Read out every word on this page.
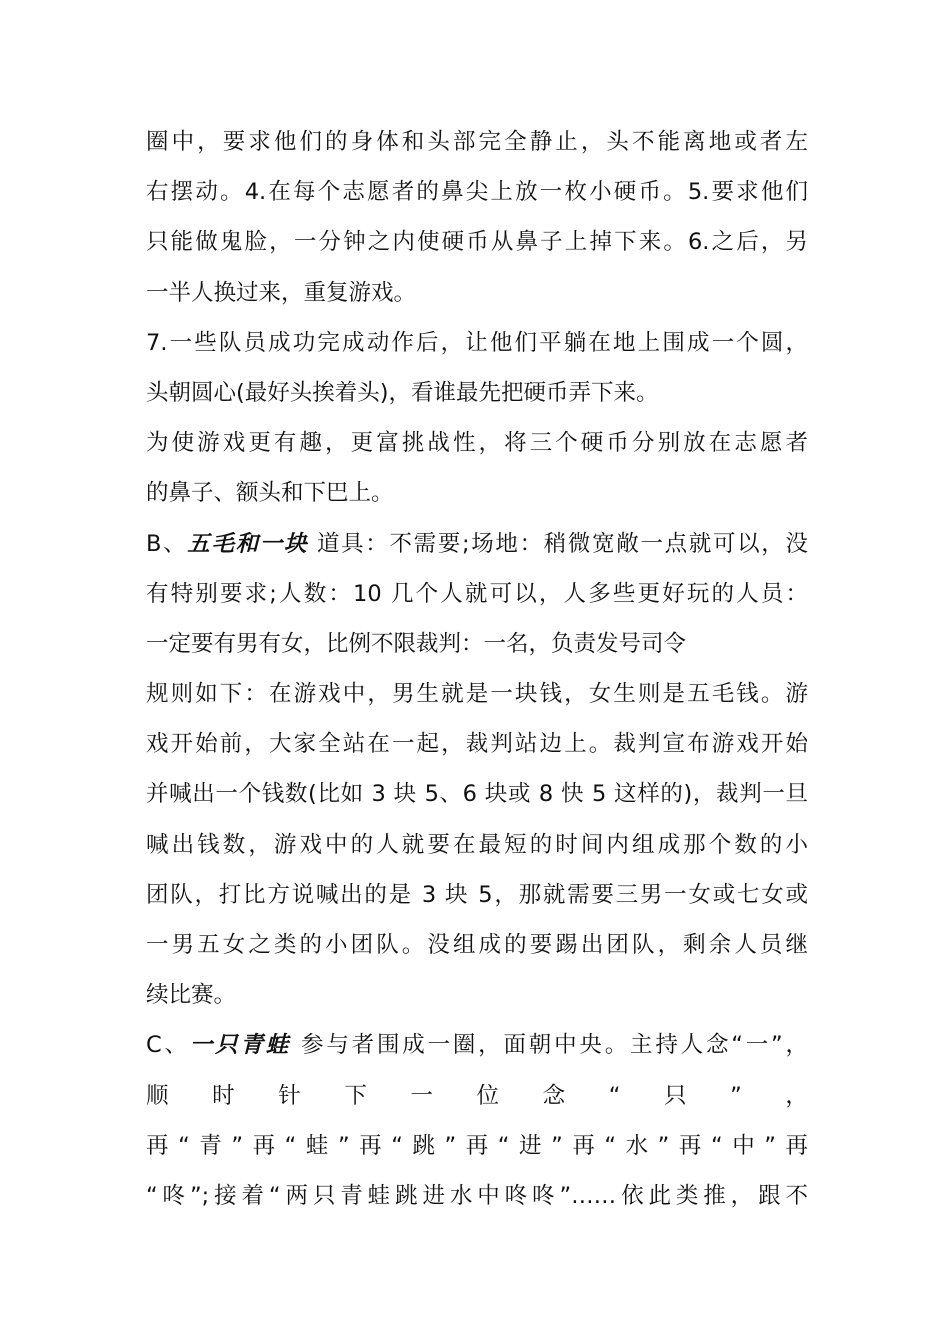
圈中，要求他们的身体和头部完全静止，头不能离地或者左
右摆动。4.在每个志愿者的鼻尖上放一枚小硬币。5.要求他们
只能做鬼脸，一分钟之内使硬币从鼻子上掉下来。6.之后，另
一半人换过来，重复游戏。
7.一些队员成功完成动作后，让他们平躺在地上围成一个圆，
头朝圆心(最好头挨着头)，看谁最先把硬币弄下来。
为使游戏更有趣，更富挑战性，将三个硬币分别放在志愿者
的鼻子、额头和下巴上。
B、五毛和一块 道具：不需要;场地：稍微宽敞一点就可以，没
有特别要求;人数：10 几个人就可以，人多些更好玩的人员：
一定要有男有女，比例不限裁判：一名，负责发号司令
规则如下：在游戏中，男生就是一块钱，女生则是五毛钱。游
戏开始前，大家全站在一起，裁判站边上。裁判宣布游戏开始
并喊出一个钱数(比如 3 块 5、6 块或 8 快 5 这样的)，裁判一旦
喊出钱数，游戏中的人就要在最短的时间内组成那个数的小
团队，打比方说喊出的是 3 块 5，那就需要三男一女或七女或
一男五女之类的小团队。没组成的要踢出团队，剩余人员继
续比赛。
C、一只青蛙 参与者围成一圈，面朝中央。主持人念“一”，
顺 时 针 下 一 位 念 “ 只 ” ，
再“青”再“蛙”再“跳”再“进”再“水”再“中”再
“咚”;接着“两只青蛙跳进水中咚咚”……依此类推，跟不
